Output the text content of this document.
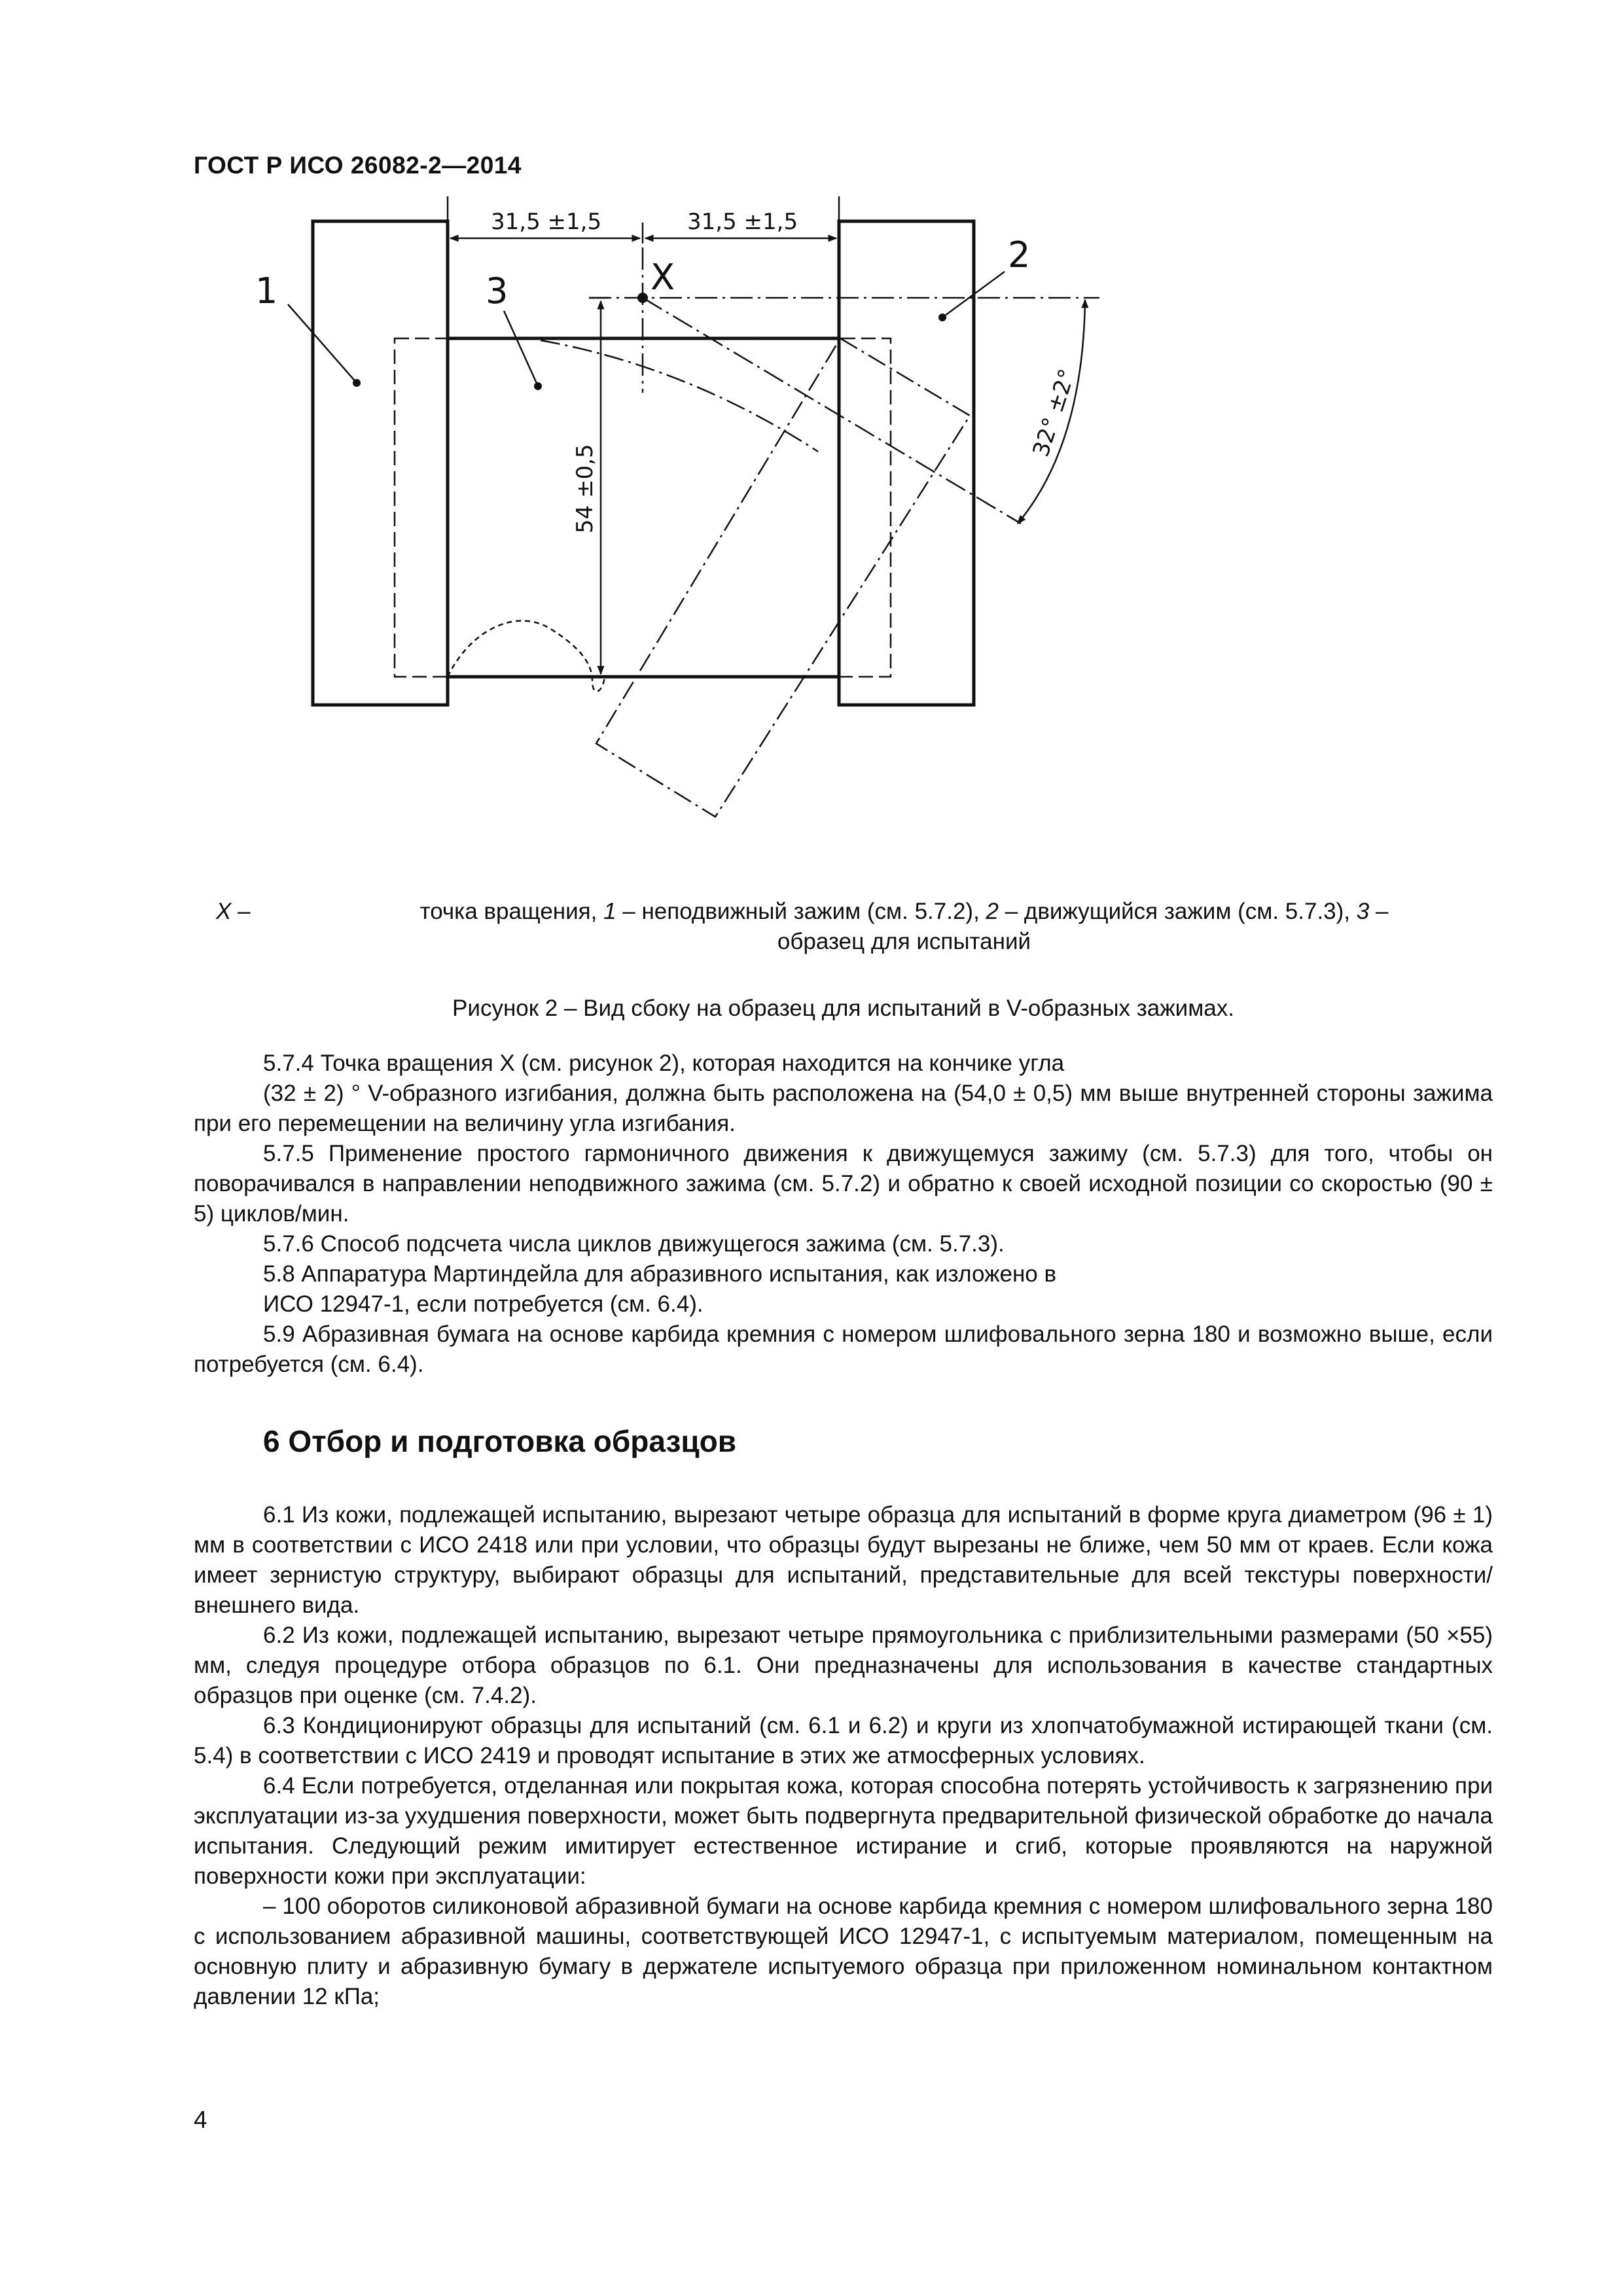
ГОСТ Р ИСО 26082-2—2014
31,5 ±1,5	31,5 ±1,5
54 ±0,5
32° ±2°
1
2
3	X
X –	точка вращения, 1 – неподвижный зажим (см. 5.7.2), 2 – движущийся зажим (см. 5.7.3), 3 –
образец для испытаний
Рисунок 2 – Вид сбоку на образец для испытаний в V-образных зажимах.

5.7.4 Точка вращения X (см. рисунок 2), которая находится на кончике угла

(32 ± 2) ° V-образного изгибания, должна быть расположена на (54,0 ± 0,5) мм выше внутренней стороны зажима при его перемещении на величину угла изгибания.

5.7.5 Применение простого гармоничного движения к движущемуся зажиму (см. 5.7.3) для того, чтобы он поворачивался в направлении неподвижного зажима (см. 5.7.2) и обратно к своей исходной позиции со скоростью (90 ± 5) циклов/мин.

5.7.6 Способ подсчета числа циклов движущегося зажима (см. 5.7.3).

5.8 Аппаратура Мартиндейла для абразивного испытания, как изложено в

ИСО 12947-1, если потребуется (см. 6.4).

5.9 Абразивная бумага на основе карбида кремния с номером шлифовального зерна 180 и возможно выше, если потребуется (см. 6.4).

6 Отбор и подготовка образцов

6.1 Из кожи, подлежащей испытанию, вырезают четыре образца для испытаний в форме круга диаметром (96 ± 1) мм в соответствии с ИСО 2418 или при условии, что образцы будут вырезаны не ближе, чем 50 мм от краев. Если кожа имеет зернистую структуру, выбирают образцы для испытаний, представительные для всей текстуры поверхности/внешнего вида.

6.2 Из кожи, подлежащей испытанию, вырезают четыре прямоугольника с приблизительными размерами (50 ×55) мм, следуя процедуре отбора образцов по 6.1. Они предназначены для использования в качестве стандартных образцов при оценке (см. 7.4.2).

6.3 Кондиционируют образцы для испытаний (см. 6.1 и 6.2) и круги из хлопчатобумажной истирающей ткани (см. 5.4) в соответствии с ИСО 2419 и проводят испытание в этих же атмосферных условиях.

6.4 Если потребуется, отделанная или покрытая кожа, которая способна потерять устойчивость к загрязнению при эксплуатации из-за ухудшения поверхности, может быть подвергнута предварительной физической обработке до начала испытания. Следующий режим имитирует естественное истирание и сгиб, которые проявляются на наружной поверхности кожи при эксплуатации:

– 100 оборотов силиконовой абразивной бумаги на основе карбида кремния с номером шлифовального зерна 180 с использованием абразивной машины, соответствующей ИСО 12947-1, с испытуемым материалом, помещенным на основную плиту и абразивную бумагу в держателе испытуемого образца при приложенном номинальном контактном давлении 12 кПа;

4
